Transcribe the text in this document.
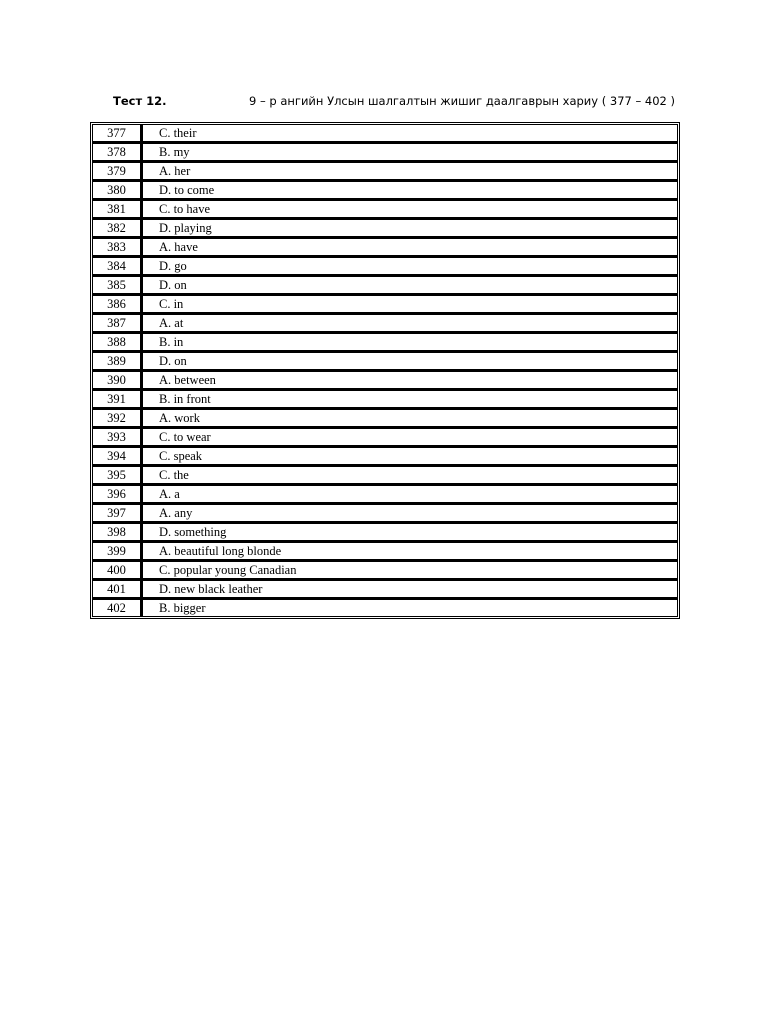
Тест 12.	9 – р ангийн Улсын шалгалтын жишиг даалгаврын хариу ( 377 – 402 )
377	C. their
378	B. my
379	A. her
380	D. to come
381	C. to have
382	D. playing
383	A. have
384	D. go
385	D. on
386	C. in
387	A. at
388	B. in
389	D. on
390	A. between
391	B. in front
392	A. work
393	C. to wear
394	C. speak
395	C. the
396	A. a
397	A. any
398	D. something
399	A. beautiful long blonde
400	C. popular young Canadian
401	D. new black leather
402	B. bigger
